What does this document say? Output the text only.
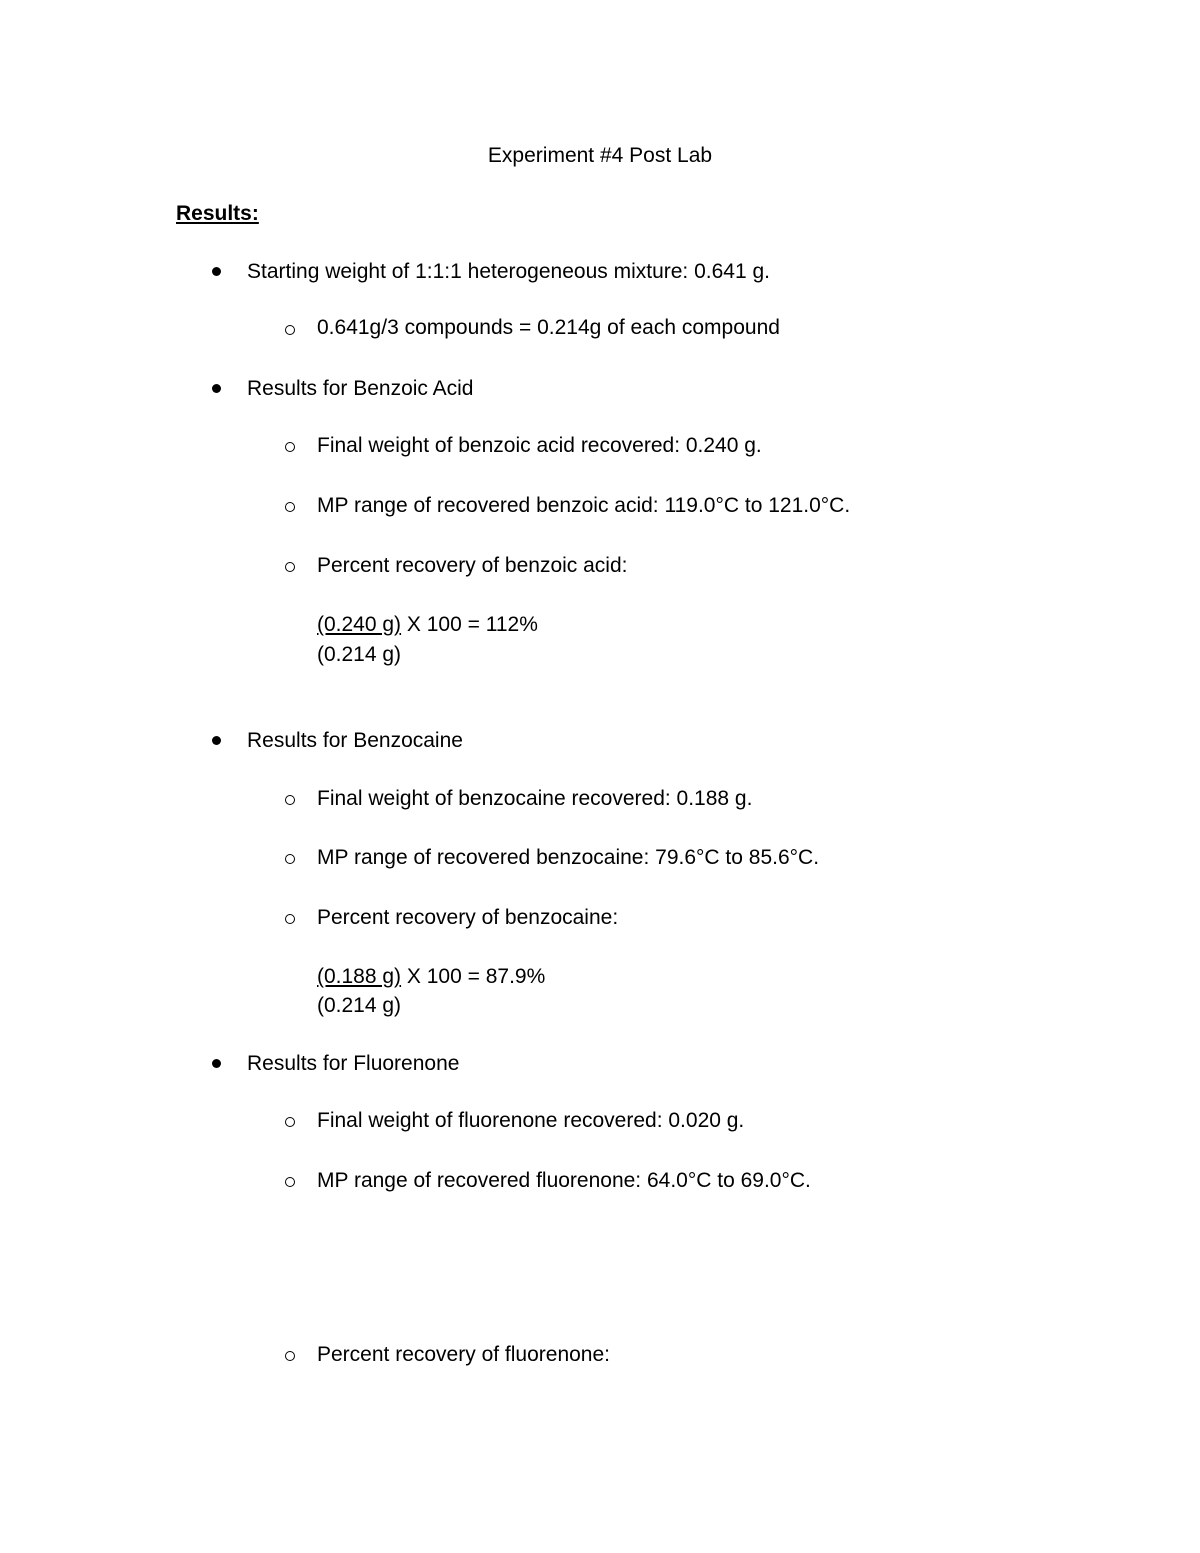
Experiment #4 Post Lab
Results:
Starting weight of 1:1:1 heterogeneous mixture: 0.641 g.
0.641g/3 compounds = 0.214g of each compound
Results for Benzoic Acid
Final weight of benzoic acid recovered: 0.240 g.
MP range of recovered benzoic acid: 119.0°C to 121.0°C.
Percent recovery of benzoic acid:
(0.240 g) X 100 = 112%
(0.214 g)
Results for Benzocaine
Final weight of benzocaine recovered: 0.188 g.
MP range of recovered benzocaine: 79.6°C to 85.6°C.
Percent recovery of benzocaine:
(0.188 g) X 100 = 87.9%
(0.214 g)
Results for Fluorenone
Final weight of fluorenone recovered: 0.020 g.
MP range of recovered fluorenone: 64.0°C to 69.0°C.
Percent recovery of fluorenone:
